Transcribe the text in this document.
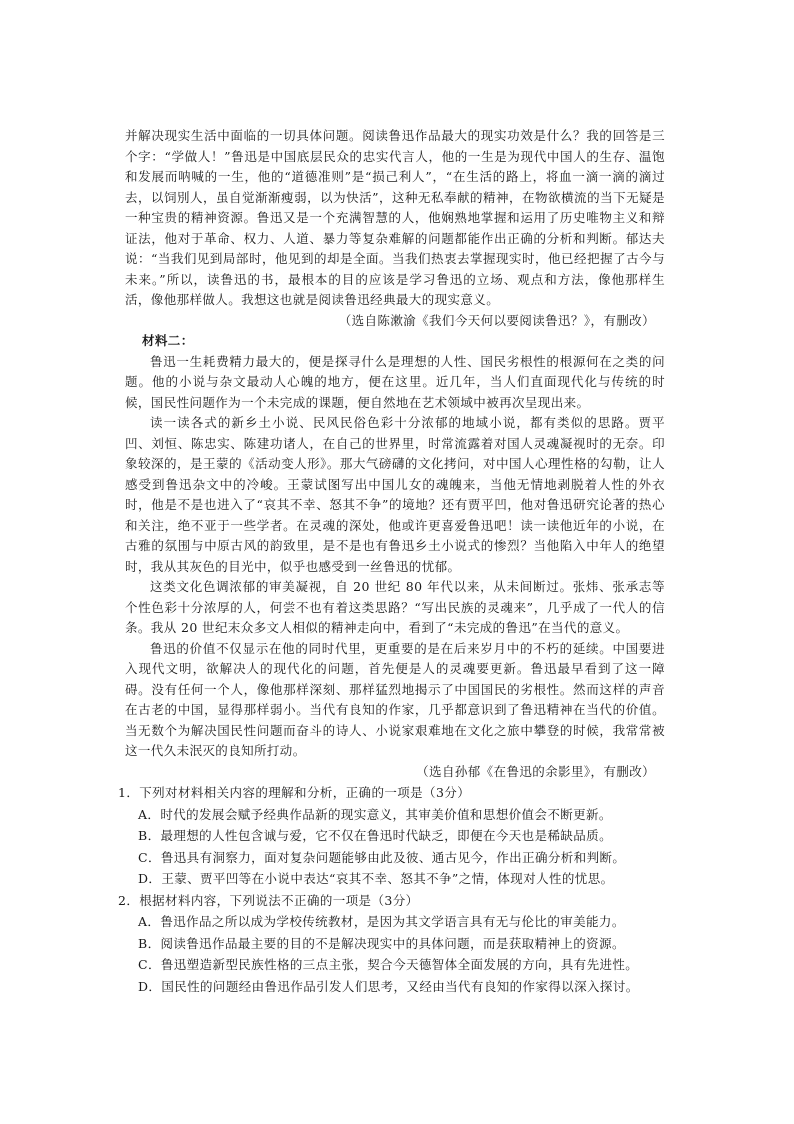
并解决现实生活中面临的一切具体问题。阅读鲁迅作品最大的现实功效是什么？我的回答是三个字：“学做人！”鲁迅是中国底层民众的忠实代言人，他的一生是为现代中国人的生存、温饱和发展而呐喊的一生，他的“道德准则”是“损己利人”，“在生活的路上，将血一滴一滴的滴过去，以饲別人，虽自觉渐渐瘦弱，以为快活”，这种无私奉献的精神，在物欲横流的当下无疑是一种宝贵的精神资源。鲁迅又是一个充满智慧的人，他娴熟地掌握和运用了历史唯物主义和辩证法，他对于革命、权力、人道、暴力等复杂难解的问题都能作出正确的分析和判断。郁达夫说：“当我们见到局部时，他见到的却是全面。当我们热衷去掌握现实时，他已经把握了古今与未来。”所以，读鲁迅的书，最根本的目的应该是学习鲁迅的立场、观点和方法，像他那样生活，像他那样做人。我想这也就是阅读鲁迅经典最大的现实意义。

（选自陈漱渝《我们今天何以要阅读鲁迅？》，有删改）

材料二：

鲁迅一生耗费精力最大的，便是探寻什么是理想的人性、国民劣根性的根源何在之类的问题。他的小说与杂文最动人心魄的地方，便在这里。近几年，当人们直面现代化与传统的时候，国民性问题作为一个未完成的课题，便自然地在艺术领域中被再次呈现出来。

读一读各式的新乡土小说、民风民俗色彩十分浓郁的地域小说，都有类似的思路。贾平凹、刘恒、陈忠实、陈建功诸人，在自己的世界里，时常流露着对国人灵魂凝视时的无奈。印象较深的，是王蒙的《活动变人形》。那大气磅礴的文化拷问，对中国人心理性格的勾勒，让人感受到鲁迅杂文中的冷峻。王蒙试图写出中国儿女的魂魄来，当他无情地剥脱着人性的外衣时，他是不是也进入了“哀其不幸、怒其不争”的境地？还有贾平凹，他对鲁迅研究论著的热心和关注，绝不亚于一些学者。在灵魂的深处，他或许更喜爱鲁迅吧！读一读他近年的小说，在古雅的氛围与中原古风的韵致里，是不是也有鲁迅乡土小说式的惨烈？当他陷入中年人的绝望时，我从其灰色的目光中，似乎也感受到一丝鲁迅的忧郁。

这类文化色调浓郁的审美凝视，自 20 世纪 80 年代以来，从未间断过。张炜、张承志等个性色彩十分浓厚的人，何尝不也有着这类思路？“写出民族的灵魂来”，几乎成了一代人的信条。我从 20 世纪末众多文人相似的精神走向中，看到了“未完成的鲁迅”在当代的意义。

鲁迅的价值不仅显示在他的同时代里，更重要的是在后来岁月中的不朽的延续。中国要进入现代文明，欲解决人的现代化的问题，首先便是人的灵魂要更新。鲁迅最早看到了这一障碍。没有任何一个人，像他那样深刻、那样猛烈地揭示了中国国民的劣根性。然而这样的声音在古老的中国，显得那样弱小。当代有良知的作家，几乎都意识到了鲁迅精神在当代的价值。当无数个为解决国民性问题而奋斗的诗人、小说家艰难地在文化之旅中攀登的时候，我常常被这一代久未泯灭的良知所打动。

（选自孙郁《在鲁迅的余影里》，有删改）

1．下列对材料相关内容的理解和分析，正确的一项是（3分）

A．时代的发展会赋予经典作品新的现实意义，其审美价值和思想价值会不断更新。

B．最理想的人性包含诚与爱，它不仅在鲁迅时代缺乏，即便在今天也是稀缺品质。

C．鲁迅具有洞察力，面对复杂问题能够由此及彼、通古见今，作出正确分析和判断。

D．王蒙、贾平凹等在小说中表达“哀其不幸、怒其不争”之情，体现对人性的忧思。

2．根据材料内容，下列说法不正确的一项是（3分）

A．鲁迅作品之所以成为学校传统教材，是因为其文学语言具有无与伦比的审美能力。

B．阅读鲁迅作品最主要的目的不是解决现实中的具体问题，而是获取精神上的资源。

C．鲁迅塑造新型民族性格的三点主张，契合今天德智体全面发展的方向，具有先进性。

D．国民性的问题经由鲁迅作品引发人们思考，又经由当代有良知的作家得以深入探讨。
